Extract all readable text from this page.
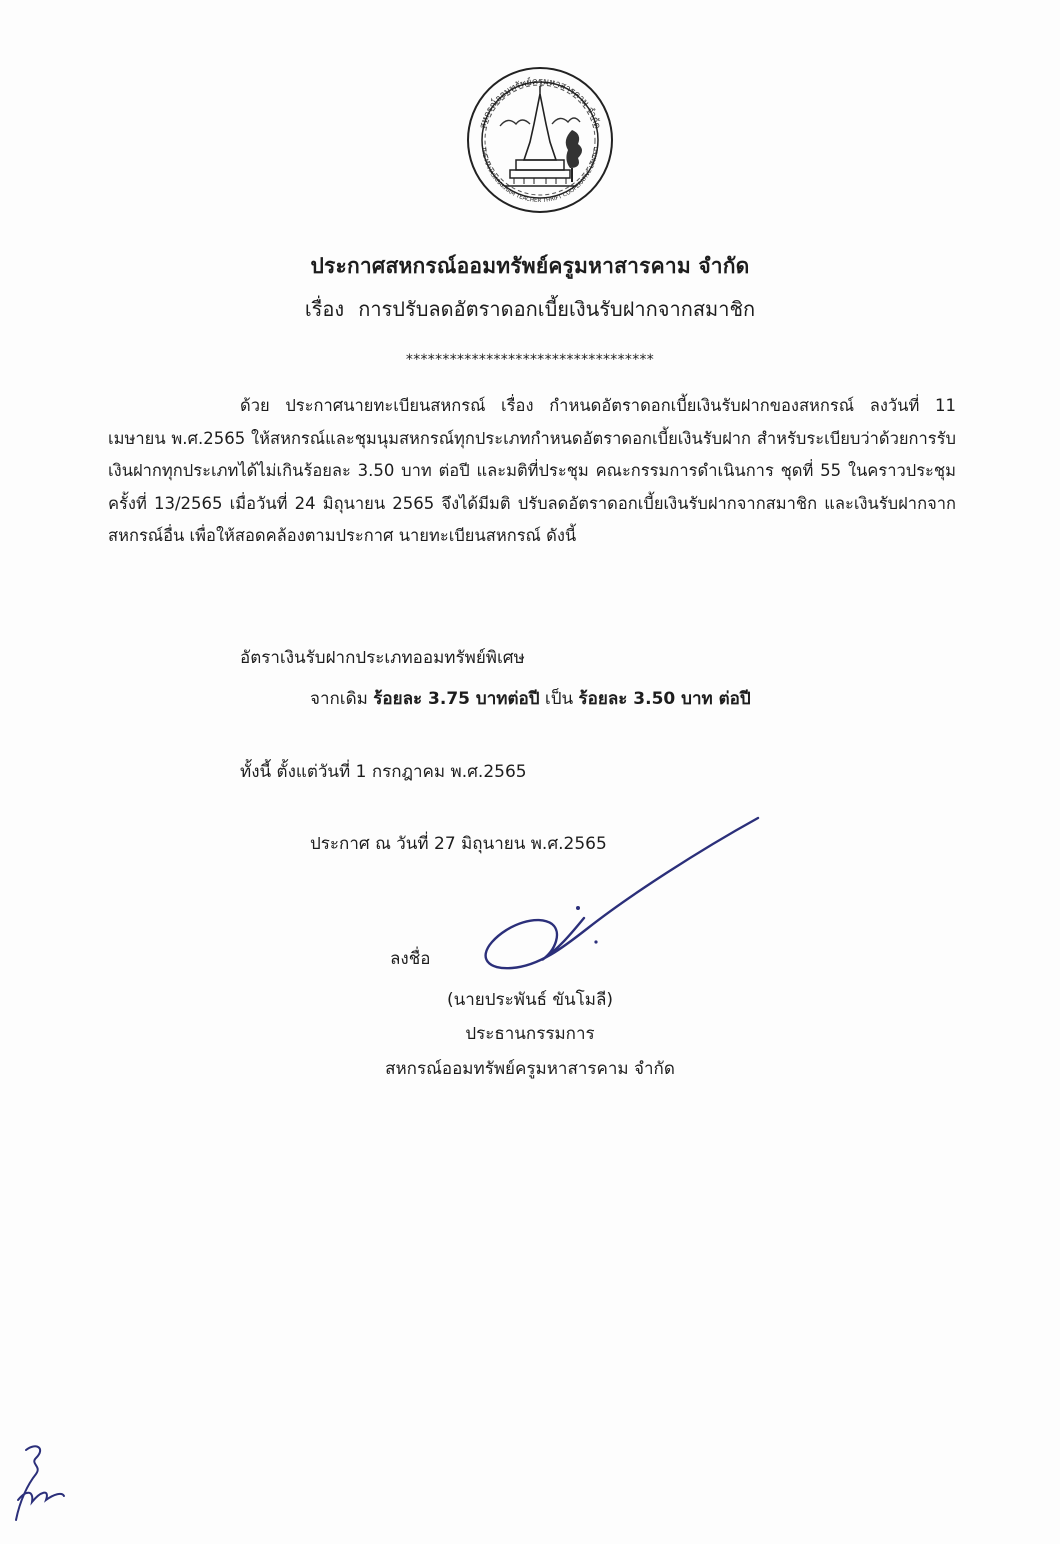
สหกรณ์ออมทรัพย์ครูมหาสารคาม จำกัด
THE MAHASARAKHAM TEACHER THRIFT COOPERATIVE LIMITED
ประกาศสหกรณ์ออมทรัพย์ครูมหาสารคาม จำกัด
เรื่อง การปรับลดอัตราดอกเบี้ยเงินรับฝากจากสมาชิก
**********************************
ด้วย ประกาศนายทะเบียนสหกรณ์ เรื่อง กำหนดอัตราดอกเบี้ยเงินรับฝากของสหกรณ์ ลงวันที่ 11 เมษายน พ.ศ.2565 ให้สหกรณ์และชุมนุมสหกรณ์ทุกประเภทกำหนดอัตราดอกเบี้ยเงินรับฝาก สำหรับระเบียบว่าด้วยการรับเงินฝากทุกประเภทได้ไม่เกินร้อยละ 3.50 บาท ต่อปี และมติที่ประชุม คณะกรรมการดำเนินการ ชุดที่ 55 ในคราวประชุมครั้งที่ 13/2565 เมื่อวันที่ 24 มิถุนายน 2565 จึงได้มีมติ ปรับลดอัตราดอกเบี้ยเงินรับฝากจากสมาชิก และเงินรับฝากจากสหกรณ์อื่น เพื่อให้สอดคล้องตามประกาศ นายทะเบียนสหกรณ์ ดังนี้
อัตราเงินรับฝากประเภทออมทรัพย์พิเศษ
จากเดิม ร้อยละ 3.75 บาทต่อปี เป็น ร้อยละ 3.50 บาท ต่อปี
ทั้งนี้ ตั้งแต่วันที่ 1 กรกฎาคม พ.ศ.2565
ประกาศ ณ วันที่ 27 มิถุนายน พ.ศ.2565
ลงชื่อ
(นายประพันธ์ ขันโมลี)
ประธานกรรมการ
สหกรณ์ออมทรัพย์ครูมหาสารคาม จำกัด
